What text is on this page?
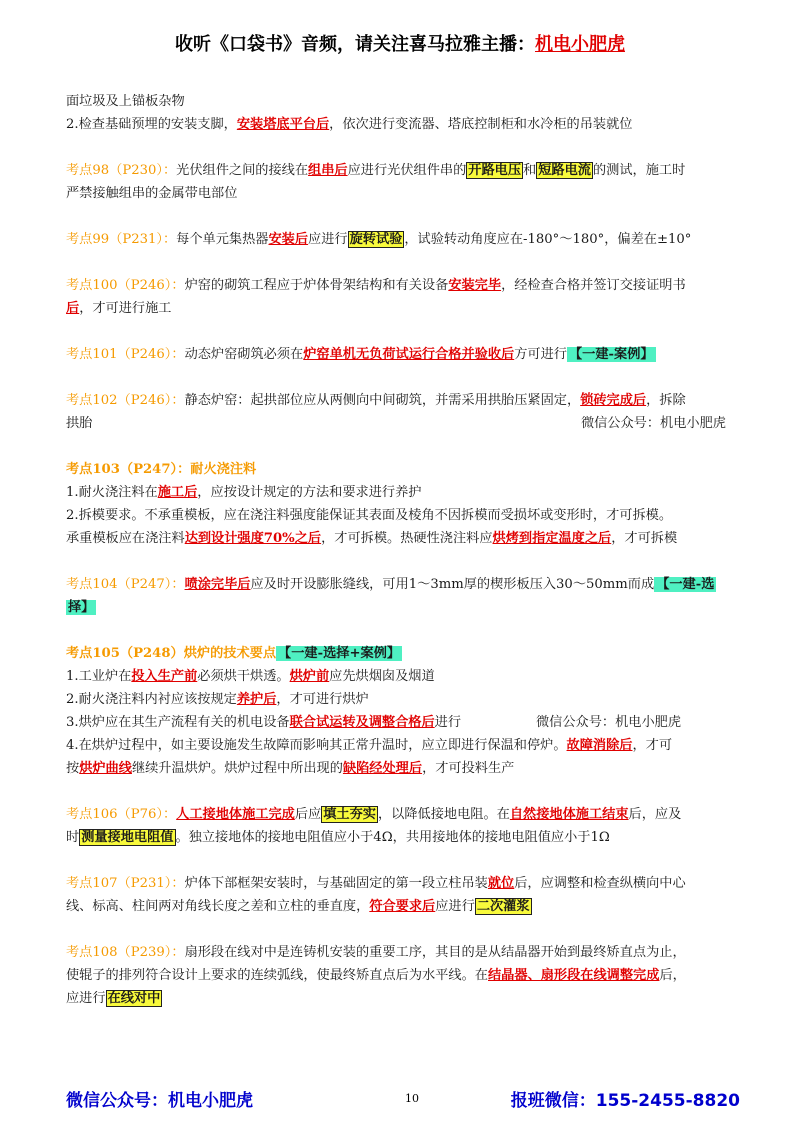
收听《口袋书》音频，请关注喜马拉雅主播：机电小肥虎
面垃圾及上锚板杂物
2.检查基础预埋的安装支脚，安装塔底平台后，依次进行变流器、塔底控制柜和水冷柜的吊装就位
考点98（P230）：光伏组件之间的接线在组串后应进行光伏组件串的 开路电压 和 短路电流 的测试，施工时
严禁接触组串的金属带电部位
考点99（P231）：每个单元集热器安装后应进行 旋转试验 ，试验转动角度应在-180°～180°，偏差在±10°
考点100（P246）：炉窑的砌筑工程应于炉体骨架结构和有关设备安装完毕，经检查合格并签订交接证明书
后，才可进行施工
考点101（P246）：动态炉窑砌筑必须在炉窑单机无负荷试运行合格并验收后方可进行 【一建-案例】
考点102（P246）：静态炉窑：起拱部位应从两侧向中间砌筑，并需采用拱胎压紧固定，锁砖完成后，拆除
拱胎	微信公众号：机电小肥虎
考点103（P247）：耐火浇注料
1.耐火浇注料在施工后，应按设计规定的方法和要求进行养护
2.拆模要求。不承重模板，应在浇注料强度能保证其表面及棱角不因拆模而受损坏或变形时，才可拆模。
承重模板应在浇注料达到设计强度70%之后，才可拆模。热硬性浇注料应烘烤到指定温度之后，才可拆模
考点104（P247）：喷涂完毕后应及时开设膨胀缝线，可用1～3mm厚的楔形板压入30～50mm而成 【一建-选
择】
考点105（P248）烘炉的技术要点 【一建-选择+案例】
1.工业炉在投入生产前必须烘干烘透。烘炉前应先烘烟囱及烟道
2.耐火浇注料内衬应该按规定养护后，才可进行烘炉
3.烘炉应在其生产流程有关的机电设备联合试运转及调整合格后进行	微信公众号：机电小肥虎
4.在烘炉过程中，如主要设施发生故障而影响其正常升温时，应立即进行保温和停炉。故障消除后，才可
按烘炉曲线继续升温烘炉。烘炉过程中所出现的缺陷经处理后，才可投料生产
考点106（P76）：人工接地体施工完成后应 填土夯实 ，以降低接地电阻。在自然接地体施工结束后，应及
时 测量接地电阻值 。独立接地体的接地电阻值应小于4Ω，共用接地体的接地电阻值应小于1Ω
考点107（P231）：炉体下部框架安装时，与基础固定的第一段立柱吊装就位后，应调整和检查纵横向中心
线、标高、柱间两对角线长度之差和立柱的垂直度，符合要求后应进行 二次灌浆
考点108（P239）：扇形段在线对中是连铸机安装的重要工序，其目的是从结晶器开始到最终矫直点为止，
使辊子的排列符合设计上要求的连续弧线，使最终矫直点后为水平线。在结晶器、扇形段在线调整完成后，
应进行 在线对中
微信公众号：机电小肥虎	10	报班微信：155-2455-8820
